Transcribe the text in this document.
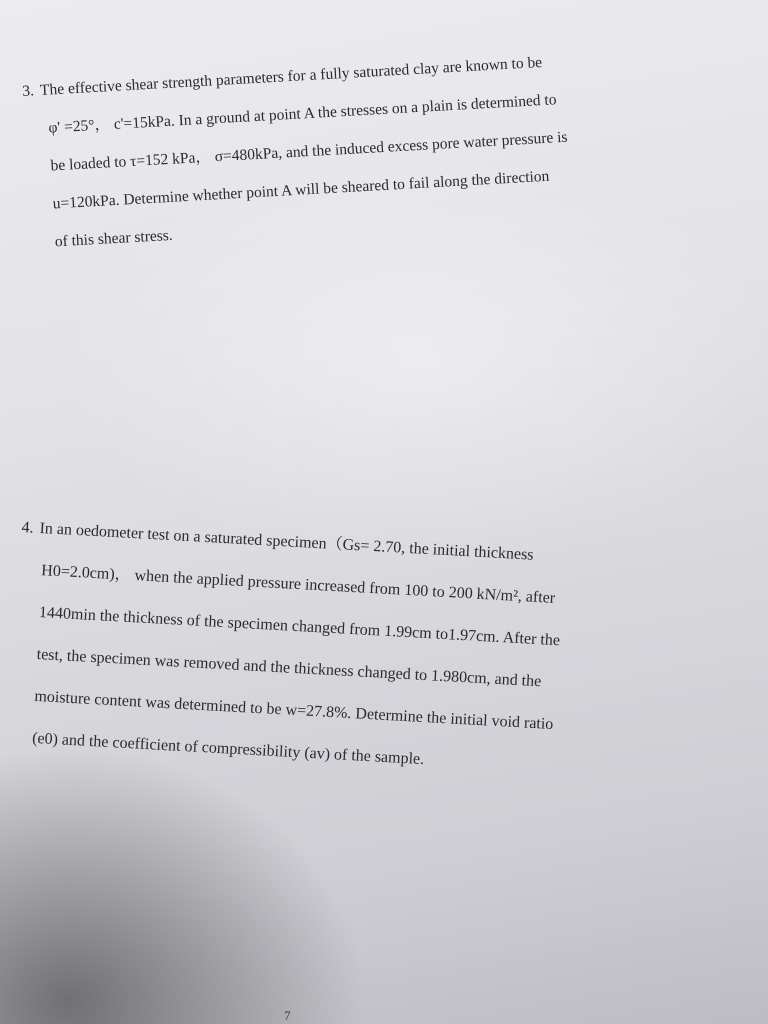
3. The effective shear strength parameters for a fully saturated clay are known to be

φ' =25°， c'=15kPa. In a ground at point A the stresses on a plain is determined to

be loaded to τ=152 kPa， σ=480kPa, and the induced excess pore water pressure is

u=120kPa. Determine whether point A will be sheared to fail along the direction

of this shear stress.

4. In an oedometer test on a saturated specimen（Gs= 2.70, the initial thickness

H0=2.0cm)， when the applied pressure increased from 100 to 200 kN/m², after

1440min the thickness of the specimen changed from 1.99cm to1.97cm. After the

test, the specimen was removed and the thickness changed to 1.980cm, and the

moisture content was determined to be w=27.8%. Determine the initial void ratio

(e0) and the coefficient of compressibility (av) of the sample.

7
